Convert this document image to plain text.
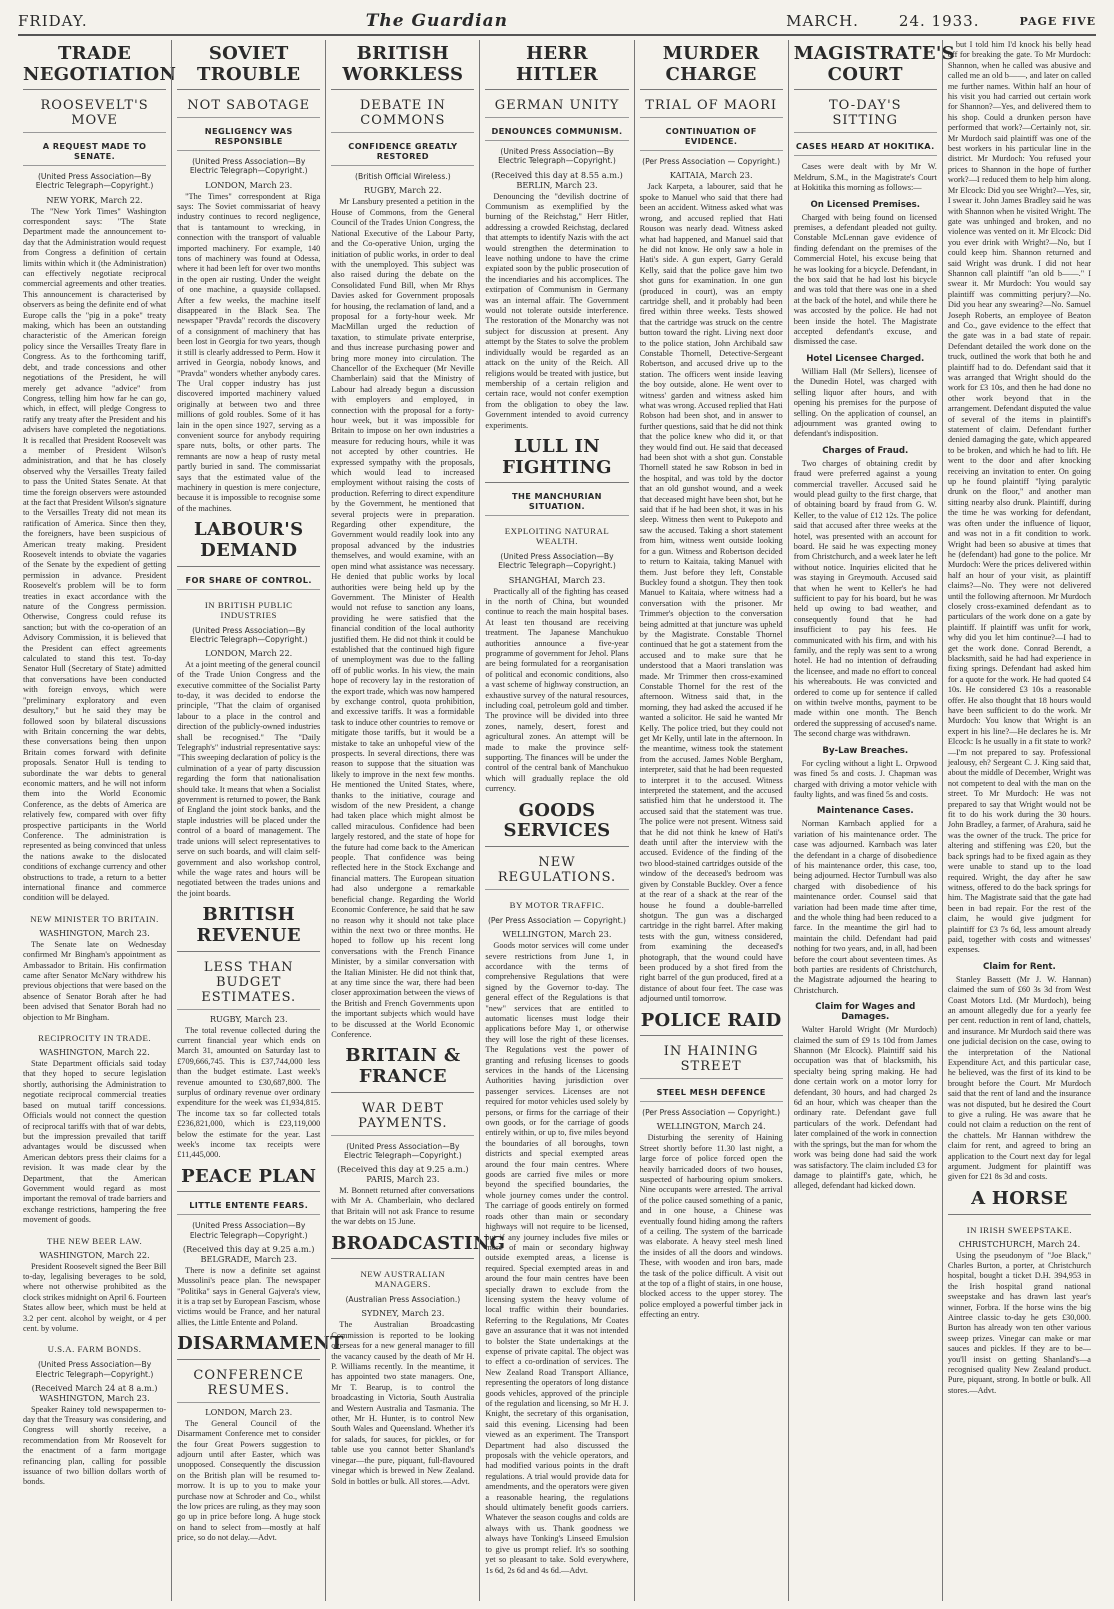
FRIDAY.	The Guardian	MARCH.	24. 1933.	PAGE FIVE
TRADE NEGOTIATION
ROOSEVELT'S MOVE
A REQUEST MADE TO SENATE.
(United Press Association—By Electric Telegraph—Copyright.)
NEW YORK, March 22.

The "New York Times" Washington correspondent says: "The State Department made the announcement to-day that the Administration would request from Congress a definition of certain limits within which it (the Administration) can effectively negotiate reciprocal commercial agreements and other treaties. This announcement is characterised by observers as being the definite end of what Europe calls the "pig in a poke" treaty making, which has been an outstanding characteristic of the American foreign policy since the Versailles Treaty flare in Congress. As to the forthcoming tariff, debt, and trade concessions and other negotiations of the President, he will merely get advance "advice" from Congress, telling him how far he can go, which, in effect, will pledge Congress to ratify any treaty after the President and his advisers have completed the negotiations. It is recalled that President Roosevelt was a member of President Wilson's administration, and that he has closely observed why the Versailles Treaty failed to pass the United States Senate. At that time the foreign observers were astounded at the fact that President Wilson's signature to the Versailles Treaty did not mean its ratification of America. Since then they, the foreigners, have been suspicious of American treaty making. President Roosevelt intends to obviate the vagaries of the Senate by the expedient of getting permission in advance. President Roosevelt's problem will be to form treaties in exact accordance with the nature of the Congress permission. Otherwise, Congress could refuse its sanction; but with the co-operation of an Advisory Commission, it is believed that the President can effect agreements calculated to stand this test. To-day Senator Hull (Secretary of State) admitted that conversations have been conducted with foreign envoys, which were "preliminary exploratory and even desultory," but he said they may be followed soon by bilateral discussions with Britain concerning the war debts, these conversations being then unpon Britain comes forward with definite proposals. Senator Hull is tending to subordinate the war debts to general economic matters, and he will not inform them into the World Economic Conference, as the debts of America are relatively few, compared with over fifty prospective participants in the World Conference. The administration is represented as being convinced that unless the nations awake to the dislocated conditions of exchange currency and other obstructions to trade, a return to a better international finance and commerce condition will be delayed.

NEW MINISTER TO BRITAIN.
WASHINGTON, March 23.

The Senate late on Wednesday confirmed Mr Bingham's appointment as Ambassador to Britain. His confirmation came after Senator McNary withdrew his previous objections that were based on the absence of Senator Borah after he had been advised that Senator Borah had no objection to Mr Bingham.

RECIPROCITY IN TRADE.
WASHINGTON, March 22.

State Department officials said today that they hoped to secure legislation shortly, authorising the Administration to negotiate reciprocal commercial treaties based on mutual tariff concessions. Officials would not connect the question of reciprocal tariffs with that of war debts, but the impression prevailed that tariff advantages would be discussed when American debtors press their claims for a revision. It was made clear by the Department, that the American Government would regard as most important the removal of trade barriers and exchange restrictions, hampering the free movement of goods.

THE NEW BEER LAW.
WASHINGTON, March 22.

President Roosevelt signed the Beer Bill to-day, legalising beverages to be sold, where not otherwise prohibited as the clock strikes midnight on April 6. Fourteen States allow beer, which must be held at 3.2 per cent. alcohol by weight, or 4 per cent. by volume.

U.S.A. FARM BONDS.
(United Press Association—By Electric Telegraph—Copyright.)
(Received March 24 at 8 a.m.) WASHINGTON, March 23.

Speaker Rainey told newspapermen to-day that the Treasury was considering, and Congress will shortly receive, a recommendation from Mr Roosevelt for the enactment of a farm mortgage refinancing plan, calling for possible issuance of two billion dollars worth of bonds.

SOVIET TROUBLE
NOT SABOTAGE
NEGLIGENCY WAS RESPONSIBLE
(United Press Association—By Electric Telegraph—Copyright.)
LONDON, March 23.

"The Times" correspondent at Riga says: The Soviet commissariat of heavy industry continues to record negligence, that is tantamount to wrecking, in connection with the transport of valuable imported machinery. For example, 140 tons of machinery was found at Odessa, where it had been left for over two months in the open air rusting. Under the weight of one machine, a quayside collapsed. After a few weeks, the machine itself disappeared in the Black Sea. The newspaper "Pravda" records the discovery of a consignment of machinery that has been lost in Georgia for two years, though it still is clearly addressed to Perm. How it arrived in Georgia, nobody knows, and "Pravda" wonders whether anybody cares. The Ural copper industry has just discovered imported machinery valued originally at between two and three millions of gold roubles. Some of it has lain in the open since 1927, serving as a convenient source for anybody requiring spare nuts, bolts, or other parts. The remnants are now a heap of rusty metal partly buried in sand. The commissariat says that the estimated value of the machinery in question is mere conjecture, because it is impossible to recognise some of the machines.

LABOUR'S DEMAND
FOR SHARE OF CONTROL.
IN BRITISH PUBLIC INDUSTRIES
(United Press Association—By Electric Telegraph—Copyright.)
LONDON, March 22.

At a joint meeting of the general council of the Trade Union Congress and the executive committee of the Socialist Party to-day, it was decided to endorse the principle, "That the claim of organised labour to a place in the control and direction of the publicly-owned industries shall be recognised." The "Daily Telegraph's" industrial representative says: "This sweeping declaration of policy is the culmination of a year of party discussion regarding the form that nationalisation should take. It means that when a Socialist government is returned to power, the Bank of England the joint stock banks, and the staple industries will be placed under the control of a board of management. The trade unions will select representatives to serve on such boards, and will claim self-government and also workshop control, while the wage rates and hours will be negotiated between the trades unions and the joint boards.

BRITISH REVENUE
LESS THAN BUDGET ESTIMATES.
RUGBY, March 23.

The total revenue collected during the current financial year which ends on March 31, amounted on Saturday last to £709,666,745. This is £37,744,000 less than the budget estimate. Last week's revenue amounted to £30,687,800. The surplus of ordinary revenue over ordinary expenditure for the week was £1,934,815. The income tax so far collected totals £236,821,000, which is £23,119,000 below the estimate for the year. Last week's income tax receipts were £11,445,000.

PEACE PLAN
LITTLE ENTENTE FEARS.
(United Press Association—By Electric Telegraph—Copyright.)
(Received this day at 9.25 a.m.) BELGRADE, March 23.

There is now a definite set against Mussolini's peace plan. The newspaper "Politika" says in General Gajvera's view, it is a trap set by European Fascism, whose victims would be France, and her natural allies, the Little Entente and Poland.

DISARMAMENT
CONFERENCE RESUMES.
LONDON, March 23.

The General Council of the Disarmament Conference met to consider the four Great Powers suggestion to adjourn until after Easter, which was unopposed. Consequently the discussion on the British plan will be resumed to-morrow. It is up to you to make your purchase now at Schroder and Co., whilst the low prices are ruling, as they may soon go up in price before long. A huge stock on hand to select from—mostly at half price, so do not delay.—Advt.

BRITISH WORKLESS
DEBATE IN COMMONS
CONFIDENCE GREATLY RESTORED
(British Official Wireless.)
RUGBY, March 22.

Mr Lansbury presented a petition in the House of Commons, from the General Council of the Trades Union Congress, the National Executive of the Labour Party, and the Co-operative Union, urging the initiation of public works, in order to deal with the unemployed. This subject was also raised during the debate on the Consolidated Fund Bill, when Mr Rhys Davies asked for Government proposals for housing, the reclamation of land, and a proposal for a forty-hour week. Mr MacMillan urged the reduction of taxation, to stimulate private enterprise, and thus increase purchasing power and bring more money into circulation. The Chancellor of the Exchequer (Mr Neville Chamberlain) said that the Ministry of Labour had already begun a discussion with employers and employed, in connection with the proposal for a forty-hour week, but it was impossible for Britain to impose on her own industries a measure for reducing hours, while it was not accepted by other countries. He expressed sympathy with the proposals, which would lead to increased employment without raising the costs of production. Referring to direct expenditure by the Government, he mentioned that several projects were in preparation. Regarding other expenditure, the Government would readily look into any proposal advanced by the industries themselves, and would examine, with an open mind what assistance was necessary. He denied that public works by local authorities were being held up by the Government. The Minister of Health would not refuse to sanction any loans, providing he were satisfied that the financial condition of the local authority justified them. He did not think it could be established that the continued high figure of unemployment was due to the falling off of public works. In his view, the main hope of recovery lay in the restoration of the export trade, which was now hampered by exchange control, quota prohibition, and excessive tariffs. It was a formidable task to induce other countries to remove or mitigate those tariffs, but it would be a mistake to take an unhopeful view of the prospects. In several directions, there was reason to suppose that the situation was likely to improve in the next few months. He mentioned the United States, where, thanks to the initiative, courage and wisdom of the new President, a change had taken place which might almost be called miraculous. Confidence had been largely restored, and the state of hope for the future had come back to the American people. That confidence was being reflected here in the Stock Exchange and financial matters. The European situation had also undergone a remarkable beneficial change. Regarding the World Economic Conference, he said that he saw no reason why it should not take place within the next two or three months. He hoped to follow up his recent long conversations with the French Finance Minister, by a similar conversation with the Italian Minister. He did not think that, at any time since the war, there had been closer approximation between the views of the British and French Governments upon the important subjects which would have to be discussed at the World Economic Conference.

BRITAIN & FRANCE
WAR DEBT PAYMENTS.
(United Press Association—By Electric Telegraph—Copyright.)
(Received this day at 9.25 a.m.) PARIS, March 23.

M. Bonnett returned after conversations with Mr A. Chamberlain, who declared that Britain will not ask France to resume the war debts on 15 June.

BROADCASTING
NEW AUSTRALIAN MANAGERS.
(Australian Press Association.)
SYDNEY, March 23.

The Australian Broadcasting Commission is reported to be looking overseas for a new general manager to fill the vacancy caused by the death of Mr H. P. Williams recently. In the meantime, it has appointed two state managers. One, Mr T. Bearup, is to control the broadcasting in Victoria, South Australia and Western Australia and Tasmania. The other, Mr H. Hunter, is to control New South Wales and Queensland. Whether it's for salads, for sauces, for pickles, or for table use you cannot better Shanland's vinegar—the pure, piquant, full-flavoured vinegar which is brewed in New Zealand. Sold in bottles or bulk. All stores.—Advt.

HERR HITLER
GERMAN UNITY
DENOUNCES COMMUNISM.
(United Press Association—By Electric Telegraph—Copyright.)
(Received this day at 8.55 a.m.) BERLIN, March 23.

Denouncing the "devilish doctrine of Communism as exemplified by the burning of the Reichstag," Herr Hitler, addressing a crowded Reichstag, declared that attempts to identify Nazis with the act would strengthen the determination to leave nothing undone to have the crime expiated soon by the public prosecution of the incendiaries and his accomplices. The extirpation of Communism in Germany was an internal affair. The Government would not tolerate outside interference. The restoration of the Monarchy was not subject for discussion at present. Any attempt by the States to solve the problem individually would be regarded as an attack on the unity of the Reich. All religions would be treated with justice, but membership of a certain religion and certain race, would not confer exemption from the obligation to obey the law. Government intended to avoid currency experiments.

LULL IN FIGHTING
THE MANCHURIAN SITUATION.
EXPLOITING NATURAL WEALTH.
(United Press Association—By Electric Telegraph—Copyright.)
SHANGHAI, March 23.

Practically all of the fighting has ceased in the north of China, but wounded continue to reach the main hospital bases. At least ten thousand are receiving treatment. The Japanese Manchukuo authorities announce a five-year programme of government for Jehol. Plans are being formulated for a reorganisation of political and economic conditions, also a vast scheme of highway construction, an exhaustive survey of the natural resources, including coal, petroleum gold and timber. The province will be divided into three zones, namely, desert, forest and agricultural zones. An attempt will be made to make the province self-supporting. The finances will be under the control of the central bank of Manchukuo which will gradually replace the old currency.

GOODS SERVICES
NEW REGULATIONS.
BY MOTOR TRAFFIC.
(Per Press Association — Copyright.)
WELLINGTON, March 23.

Goods motor services will come under severe restrictions from June 1, in accordance with the terms of comprehensive Regulations that were signed by the Governor to-day. The general effect of the Regulations is that "new" services that are entitled to automatic licenses must lodge their applications before May 1, or otherwise they will lose the right of these licenses. The Regulations vest the power of granting and refusing licenses to goods services in the hands of the Licensing Authorities having jurisdiction over passenger services. Licenses are not required for motor vehicles used solely by persons, or firms for the carriage of their own goods, or for the carriage of goods entirely within, or up to, five miles beyond the boundaries of all boroughs, town districts and special exempted areas around the four main centres. Where goods are carried five miles or more beyond the specified boundaries, the whole journey comes under the control. The carriage of goods entirely on formed roads other than main or secondary highways will not require to be licensed, but if any journey includes five miles or more of main or secondary highway outside exempted areas, a license is required. Special exempted areas in and around the four main centres have been specially drawn to exclude from the licensing system the heavy volume of local traffic within their boundaries. Referring to the Regulations, Mr Coates gave an assurance that it was not intended to bolster the State undertakings at the expense of private capital. The object was to effect a co-ordination of services. The New Zealand Road Transport Alliance, representing the operators of long distance goods vehicles, approved of the principle of the regulation and licensing, so Mr H. J. Knight, the secretary of this organisation, said this evening. Licensing had been viewed as an experiment. The Transport Department had also discussed the proposals with the vehicle operators, and had modified various points in the draft regulations. A trial would provide data for amendments, and the operators were given a reasonable hearing, the regulations should ultimately benefit goods carriers. Whatever the season coughs and colds are always with us. Thank goodness we always have Tonking's Linseed Emulsion to give us prompt relief. It's so soothing yet so pleasant to take. Sold everywhere, 1s 6d, 2s 6d and 4s 6d.—Advt.

MURDER CHARGE
TRIAL OF MAORI
CONTINUATION OF EVIDENCE.
(Per Press Association — Copyright.)
KAITAIA, March 23.

Jack Karpeta, a labourer, said that he spoke to Manuel who said that there had been an accident. Witness asked what was wrong, and accused replied that Hati Rouson was nearly dead. Witness asked what had happened, and Manuel said that he did not know. He only saw a hole in Hati's side. A gun expert, Garry Gerald Kelly, said that the police gave him two shot guns for examination. In one gun (produced in court), was an empty cartridge shell, and it probably had been fired within three weeks. Tests showed that the cartridge was struck on the centre button toward the right. Living next door to the police station, John Archibald saw Constable Thornell, Detective-Sergeant Robertson, and accused drive up to the station. The officers went inside leaving the boy outside, alone. He went over to witness' garden and witness asked him what was wrong. Accused replied that Hati Robson had been shot, and in answer to further questions, said that he did not think that the police knew who did it, or that they would find out. He said that deceased had been shot with a shot gun. Constable Thornell stated he saw Robson in bed in the hospital, and was told by the doctor that an old gunshot wound, and a week that deceased might have been shot, but he said that if he had been shot, it was in his sleep. Witness then went to Pukepoto and saw the accused. Taking a short statement from him, witness went outside looking for a gun. Witness and Robertson decided to return to Kaitaia, taking Manuel with them. Just before they left, Constable Buckley found a shotgun. They then took Manuel to Kaitaia, where witness had a conversation with the prisoner. Mr Trimmer's objection to the conversation being admitted at that juncture was upheld by the Magistrate. Constable Thornel continued that he got a statement from the accused and to make sure that he understood that a Maori translation was made. Mr Trimmer then cross-examined Constable Thornel for the rest of the afternoon. Witness said that, in the morning, they had asked the accused if he wanted a solicitor. He said he wanted Mr Kelly. The police tried, but they could not get Mr Kelly, until late in the afternoon. In the meantime, witness took the statement from the accused. James Noble Bergham, interpreter, said that he had been requested to interpret it to the accused. Witness interpreted the statement, and the accused satisfied him that he understood it. The accused said that the statement was true. The police were not present. Witness said that he did not think he knew of Hati's death until after the interview with the accused. Evidence of the finding of the two blood-stained cartridges outside of the window of the deceased's bedroom was given by Constable Buckley. Over a fence at the rear of a shack at the rear of the house he found a double-barrelled shotgun. The gun was a discharged cartridge in the right barrel. After making tests with the gun, witness considered, from examining the deceased's photograph, that the wound could have been produced by a shot fired from the right barrel of the gun produced, fired at a distance of about four feet. The case was adjourned until tomorrow.

POLICE RAID
IN HAINING STREET
STEEL MESH DEFENCE
(Per Press Association — Copyright.)
WELLINGTON, March 24.

Disturbing the serenity of Haining Street shortly before 11.30 last night, a large force of police forced open the heavily barricaded doors of two houses, suspected of harbouring opium smokers. Nine occupants were arrested. The arrival of the police caused something of a panic, and in one house, a Chinese was eventually found hiding among the rafters of a ceiling. The system of the barricade was elaborate. A heavy steel mesh lined the insides of all the doors and windows. These, with wooden and iron bars, made the task of the police difficult. A visit out at the top of a flight of stairs, in one house, blocked access to the upper storey. The police employed a powerful timber jack in effecting an entry.

MAGISTRATE'S COURT
TO-DAY'S SITTING
CASES HEARD AT HOKITIKA.

Cases were dealt with by Mr W. Meldrum, S.M., in the Magistrate's Court at Hokitika this morning as follows:—

On Licensed Premises.

Charged with being found on licensed premises, a defendant pleaded not guilty. Constable McLennan gave evidence of finding defendant on the premises of the Commercial Hotel, his excuse being that he was looking for a bicycle. Defendant, in the box said that he had lost his bicycle and was told that there was one in a shed at the back of the hotel, and while there he was accosted by the police. He had not been inside the hotel. The Magistrate accepted defendant's excuse, and dismissed the case.

Hotel Licensee Charged.

William Hall (Mr Sellers), licensee of the Dunedin Hotel, was charged with selling liquor after hours, and with opening his premises for the purpose of selling. On the application of counsel, an adjournment was granted owing to defendant's indisposition.

Charges of Fraud.

Two charges of obtaining credit by fraud were preferred against a young commercial traveller. Accused said he would plead guilty to the first charge, that of obtaining board by fraud from G. W. Keller, to the value of £12 12s. The police said that accused after three weeks at the hotel, was presented with an account for board. He said he was expecting money from Christchurch, and a week later he left without notice. Inquiries elicited that he was staying in Greymouth. Accused said that when he went to Keller's he had sufficient to pay for his board, but he was held up owing to bad weather, and consequently found that he had insufficient to pay his fees. He communicated with his firm, and with his family, and the reply was sent to a wrong hotel. He had no intention of defrauding the licensee, and made no effort to conceal his whereabouts. He was convicted and ordered to come up for sentence if called on within twelve months, payment to be made within one month. The Bench ordered the suppressing of accused's name. The second charge was withdrawn.

By-Law Breaches.

For cycling without a light L. Orpwood was fined 5s and costs. J. Chapman was charged with driving a motor vehicle with faulty lights, and was fined 5s and costs.

Maintenance Cases.

Norman Karnbach applied for a variation of his maintenance order. The case was adjourned. Karnbach was later the defendant in a charge of disobedience of his maintenance order, this case, too, being adjourned. Hector Turnbull was also charged with disobedience of his maintenance order. Counsel said that variation had been made time after time, and the whole thing had been reduced to a farce. In the meantime the girl had to maintain the child. Defendant had paid nothing for two years, and, in all, had been before the court about seventeen times. As both parties are residents of Christchurch, the Magistrate adjourned the hearing to Christchurch.

Claim for Wages and Damages.

Walter Harold Wright (Mr Murdoch) claimed the sum of £9 1s 10d from James Shannon (Mr Elcock). Plaintiff said his occupation was that of blacksmith, his specialty being spring making. He had done certain work on a motor lorry for defendant, 30 hours, and had charged 2s 6d an hour, which was cheaper than the ordinary rate. Defendant gave full particulars of the work. Defendant had later complained of the work in connection with the springs, but the man for whom the work was being done had said the work was satisfactory. The claim included £3 for damage to plaintiff's gate, which, he alleged, defendant had kicked down.

but I told him I'd knock his belly head off for breaking the gate. To Mr Murdoch: Shannon, when he called was abusive and called me an old b——, and later on called me further names. Within half an hour of his visit you had carried out certain work for Shannon?—Yes, and delivered them to his shop. Could a drunken person have performed that work?—Certainly not, sir. Mr Murdoch said plaintiff was one of the best workers in his particular line in the district. Mr Murdoch: You refused your prices to Shannon in the hope of further work?—I reduced them to help him along. Mr Elcock: Did you see Wright?—Yes, sir, I swear it. John James Bradley said he was with Shannon when he visited Wright. The gate was unhinged and broken, and no violence was vented on it. Mr Elcock: Did you ever drink with Wright?—No, but I could keep him. Shannon returned and said Wright was drunk. I did not hear Shannon call plaintiff "an old b——." I swear it. Mr Murdoch: You would say plaintiff was committing perjury?—No. Did you hear any swearing?—No. Samuel Joseph Roberts, an employee of Beaton and Co., gave evidence to the effect that the gate was in a bad state of repair. Defendant detailed the work done on the truck, outlined the work that both he and plaintiff had to do. Defendant said that it was arranged that Wright should do the work for £3 10s, and then he had done no other work beyond that in the arrangement. Defendant disputed the value of several of the items in plaintiff's statement of claim. Defendant further denied damaging the gate, which appeared to be broken, and which he had to lift. He went to the door and after knocking receiving an invitation to enter. On going up he found plaintiff "lying paralytic drunk on the floor," and another man sitting nearby also drunk. Plaintiff, during the time he was working for defendant, was often under the influence of liquor, and was not in a fit condition to work. Wright had been so abusive at times that he (defendant) had gone to the police. Mr Murdoch: Were the prices delivered within half an hour of your visit, as plaintiff claims?—No. They were not delivered until the following afternoon. Mr Murdoch closely cross-examined defendant as to particulars of the work done on a gate by plaintiff. If plaintiff was unfit for work, why did you let him continue?—I had to get the work done. Conrad Berendt, a blacksmith, said he had had experience in fixing springs. Defendant had asked him for a quote for the work. He had quoted £4 10s. He considered £3 10s a reasonable offer. He also thought that 18 hours would have been sufficient to do the work. Mr Murdoch: You know that Wright is an expert in his line?—He declares he is. Mr Elcock: Is he usually in a fit state to work?—I'm not prepared to say. Professional jealousy, eh? Sergeant C. J. King said that, about the middle of December, Wright was not competent to deal with the man on the street. To Mr Murdoch: He was not prepared to say that Wright would not be fit to do his work during the 30 hours. John Bradley, a farmer, of Arahura, said he was the owner of the truck. The price for altering and stiffening was £20, but the back springs had to be fixed again as they were unable to stand up to the load required. Wright, the day after he saw witness, offered to do the back springs for him. The Magistrate said that the gate had been in bad repair. For the rest of the claim, he would give judgment for plaintiff for £3 7s 6d, less amount already paid, together with costs and witnesses' expenses.

Claim for Rent.

Stanley Bassett (Mr J. W. Hannan) claimed the sum of £60 3s 3d from West Coast Motors Ltd. (Mr Murdoch), being an amount allegedly due for a yearly fee per cent. reduction in rent of land, chattels, and insurance. Mr Murdoch said there was one judicial decision on the case, owing to the interpretation of the National Expenditure Act, and this particular case, he believed, was the first of its kind to be brought before the Court. Mr Murdoch said that the rent of land and the insurance was not disputed, but he desired the Court to give a ruling. He was aware that he could not claim a reduction on the rent of the chattels. Mr Hannan withdrew the claim for rent, and agreed to bring an application to the Court next day for legal argument. Judgment for plaintiff was given for £21 8s 3d and costs.

A HORSE
IN IRISH SWEEPSTAKE.
CHRISTCHURCH, March 24.

Using the pseudonym of "Joe Black," Charles Burton, a porter, at Christchurch hospital, bought a ticket D.H. 394,953 in the Irish hospital grand national sweepstake and has drawn last year's winner, Forbra. If the horse wins the big Aintree classic to-day he gets £30,000. Burton has already won ten other various sweep prizes. Vinegar can make or mar sauces and pickles. If they are to be—you'll insist on getting Shanland's—a recognised quality New Zealand product. Pure, piquant, strong. In bottle or bulk. All stores.—Advt.
